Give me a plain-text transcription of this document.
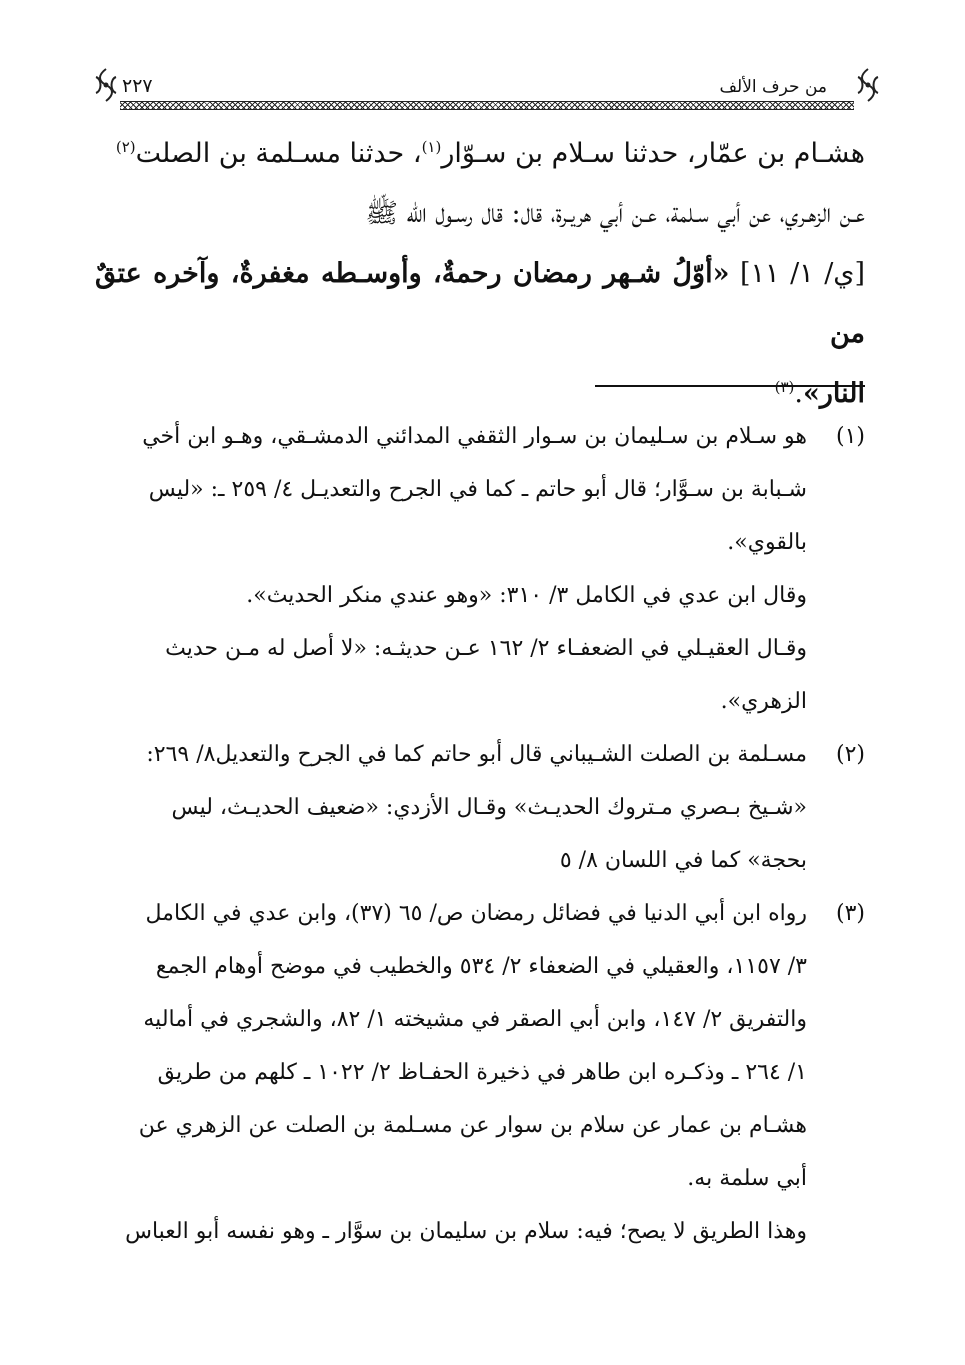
من حرف الألف
٢٢٧

هشـام بن عمّار، حدثنا سـلام بن سـوّار$^{(١)}$، حدثنا مسـلمة بن الصلت$^{(٢)}$

عـن الزهـري، عن أبي سـلمة، عـن أبي هريـرة، قال: قال رسـول الله ﷺ

[ي/ ١/ ١١] «أوّلُ شـهر رمضان رحمةٌ، وأوسـطه مغفرةٌ، وآخره عتقٌ من

النار».$^{(٣)}$

(١)

هو سـلام بن سـليمان بن سـوار الثقفي المدائني الدمشـقي، وهـو ابن أخي

شـبابة بن سـوَّار؛ قال أبو حاتم ـ كما في الجرح والتعديـل ٤/ ٢٥٩ ـ: «ليس

بالقوي».

وقال ابن عدي في الكامل ٣/ ٣١٠: «وهو عندي منكر الحديث».

وقـال العقيـلي في الضعفـاء ٢/ ١٦٢ عـن حديثـه: «لا أصل له مـن حديث

الزهري».

(٢)

مسـلمة بن الصلت الشـيباني قال أبو حاتم كما في الجرح والتعديل٨/ ٢٦٩:

«شـيخ بـصري مـتروك الحديـث» وقـال الأزدي: «ضعيف الحديـث، ليس

بحجة» كما في اللسان ٨/ ٥

(٣)

رواه ابن أبي الدنيا في فضائل رمضان ص/ ٦٥ (٣٧)، وابن عدي في الكامل

٣/ ١١٥٧، والعقيلي في الضعفاء ٢/ ٥٣٤ والخطيب في موضح أوهام الجمع

والتفريق ٢/ ١٤٧، وابن أبي الصقر في مشيخته ١/ ٨٢، والشجري في أماليه

١/ ٢٦٤ ـ وذكـره ابن طاهر في ذخيرة الحفـاظ ٢/ ١٠٢٢ ـ كلهم من طريق

هشـام بن عمار عن سلام بن سوار عن مسـلمة بن الصلت عن الزهري عن

أبي سلمة به.

وهذا الطريق لا يصح؛ فيه: سلام بن سليمان بن سوَّار ـ وهو نفسه أبو العباس
